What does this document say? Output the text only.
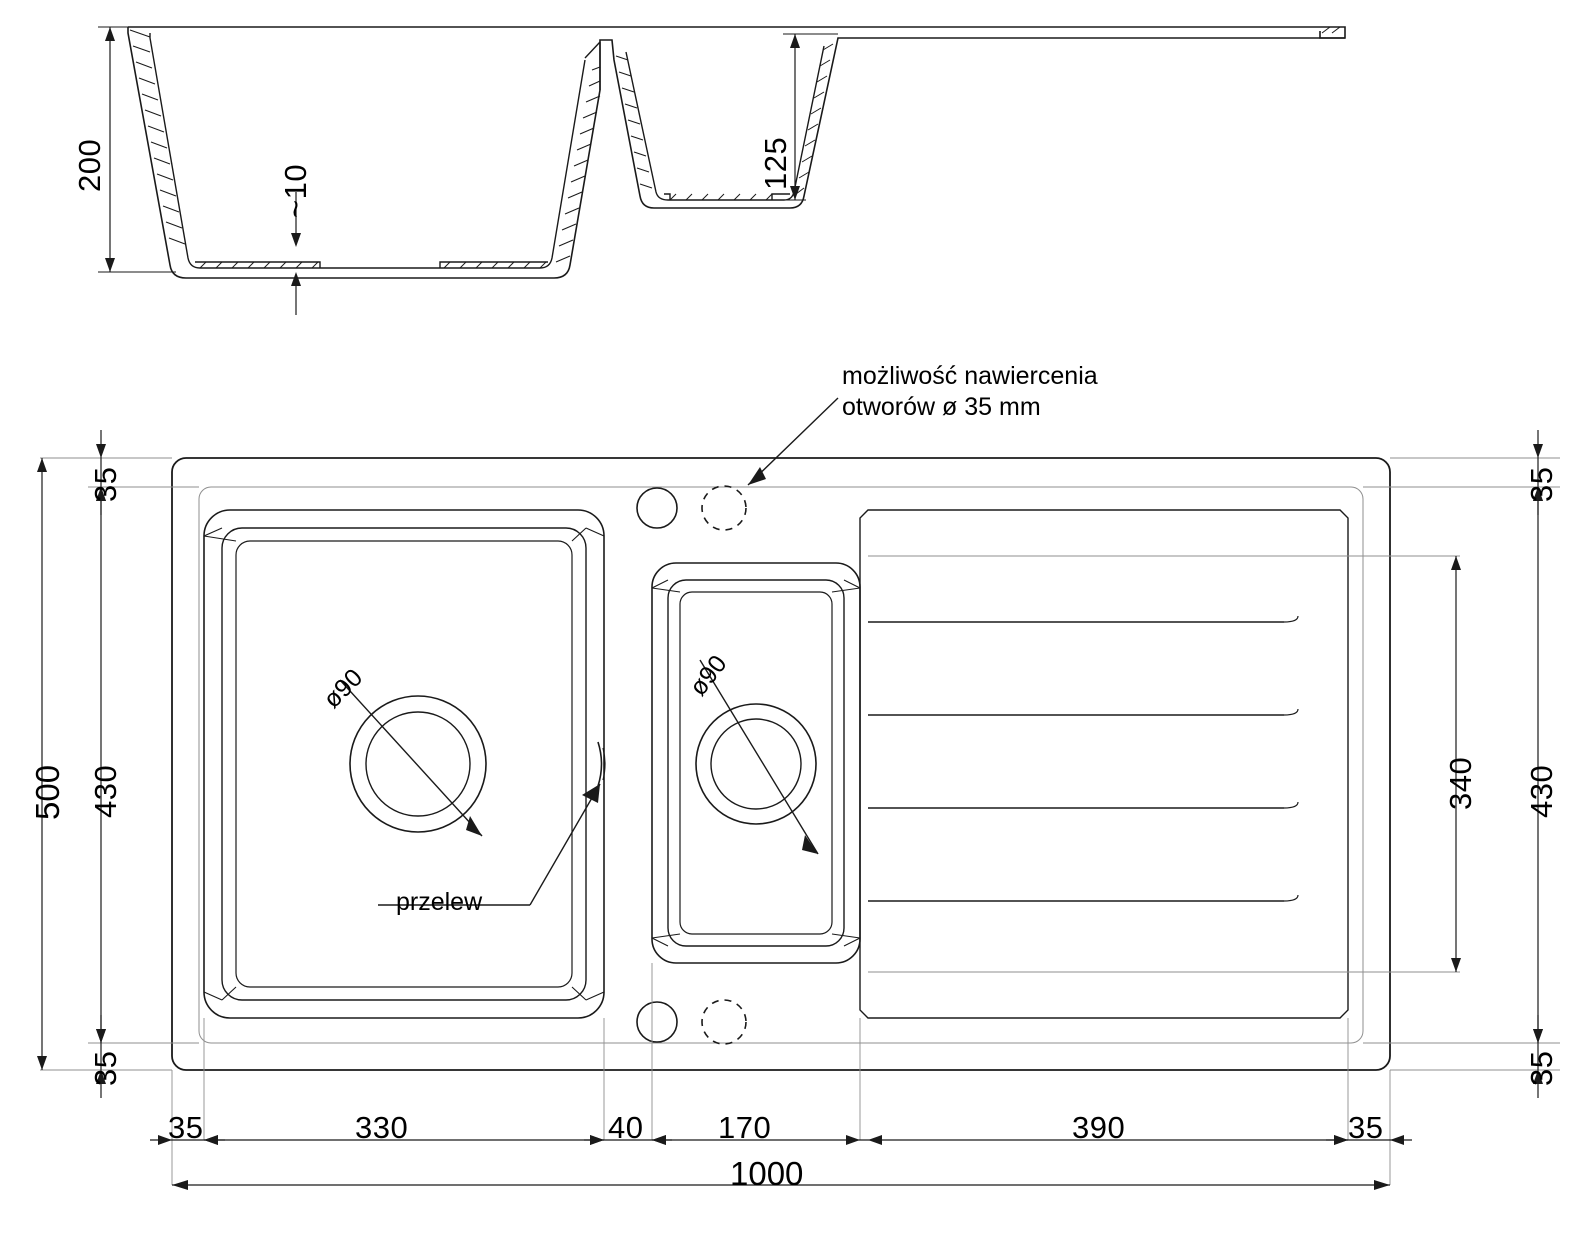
200	125
~10
możliwość nawiercenia
otworów ø 35 mm
przelew
ø90	ø90
35
430
35
500
35
340 430
35
35	330	40 170	390	35
1000
